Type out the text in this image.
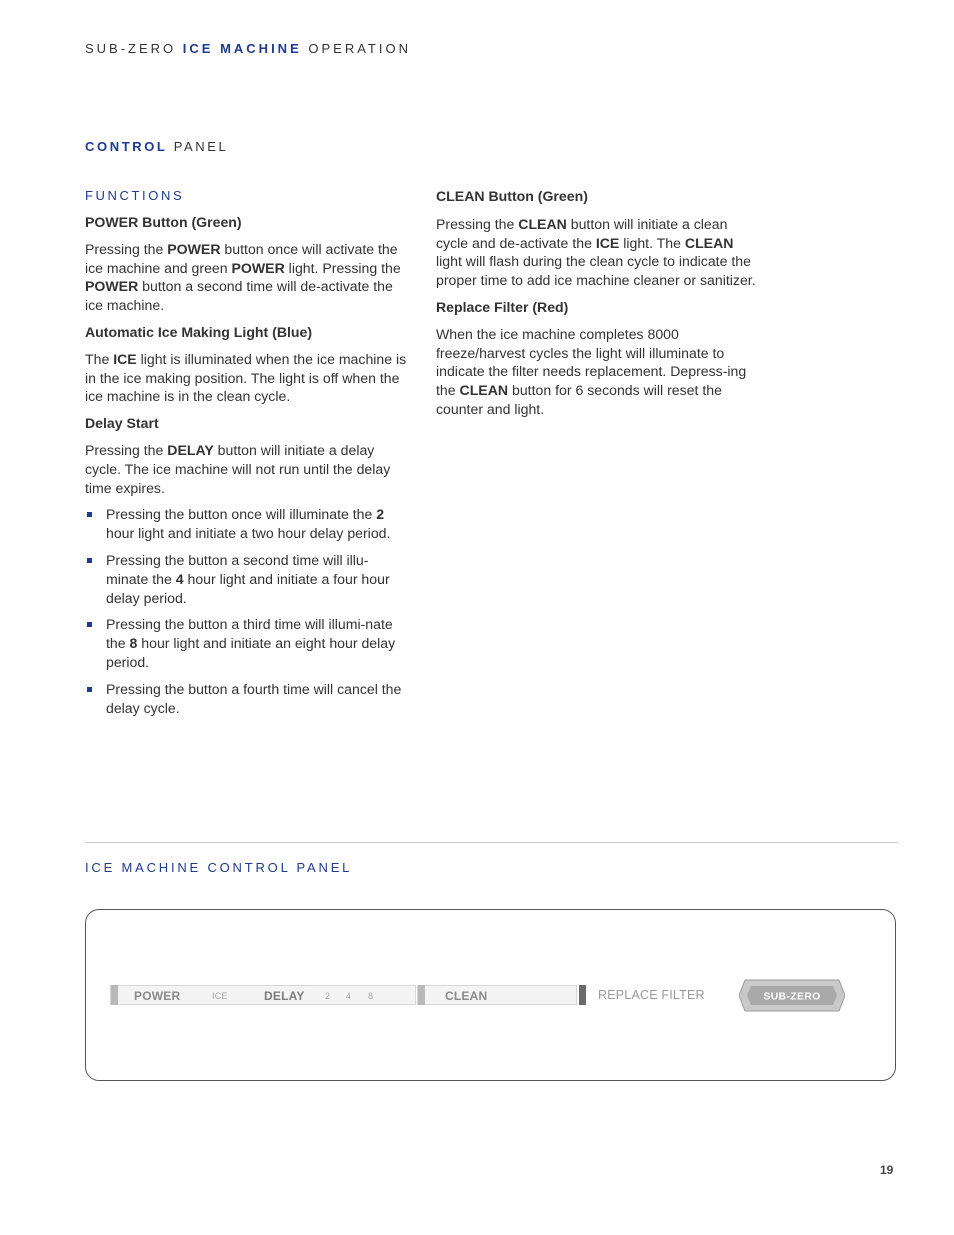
SUB-ZERO ICE MACHINE OPERATION
CONTROL PANEL
FUNCTIONS
POWER Button (Green)

Pressing the POWER button once will activate the ice machine and green POWER light. Pressing the POWER button a second time will de-activate the ice machine.

Automatic Ice Making Light (Blue)

The ICE light is illuminated when the ice machine is in the ice making position. The light is off when the ice machine is in the clean cycle.

Delay Start

Pressing the DELAY button will initiate a delay cycle. The ice machine will not run until the delay time expires.

Pressing the button once will illuminate the 2 hour light and initiate a two hour delay period.
Pressing the button a second time will illu-minate the 4 hour light and initiate a four hour delay period.
Pressing the button a third time will illumi-nate the 8 hour light and initiate an eight hour delay period.
Pressing the button a fourth time will cancel the delay cycle.
CLEAN Button (Green)

Pressing the CLEAN button will initiate a clean cycle and de-activate the ICE light. The CLEAN light will flash during the clean cycle to indicate the proper time to add ice machine cleaner or sanitizer.

Replace Filter (Red)

When the ice machine completes 8000 freeze/harvest cycles the light will illuminate to indicate the filter needs replacement. Depress-ing the CLEAN button for 6 seconds will reset the counter and light.

ICE MACHINE CONTROL PANEL
POWER	ICE	DELAY 2 4 8	CLEAN	REPLACE FILTER	SUB-ZERO
19
